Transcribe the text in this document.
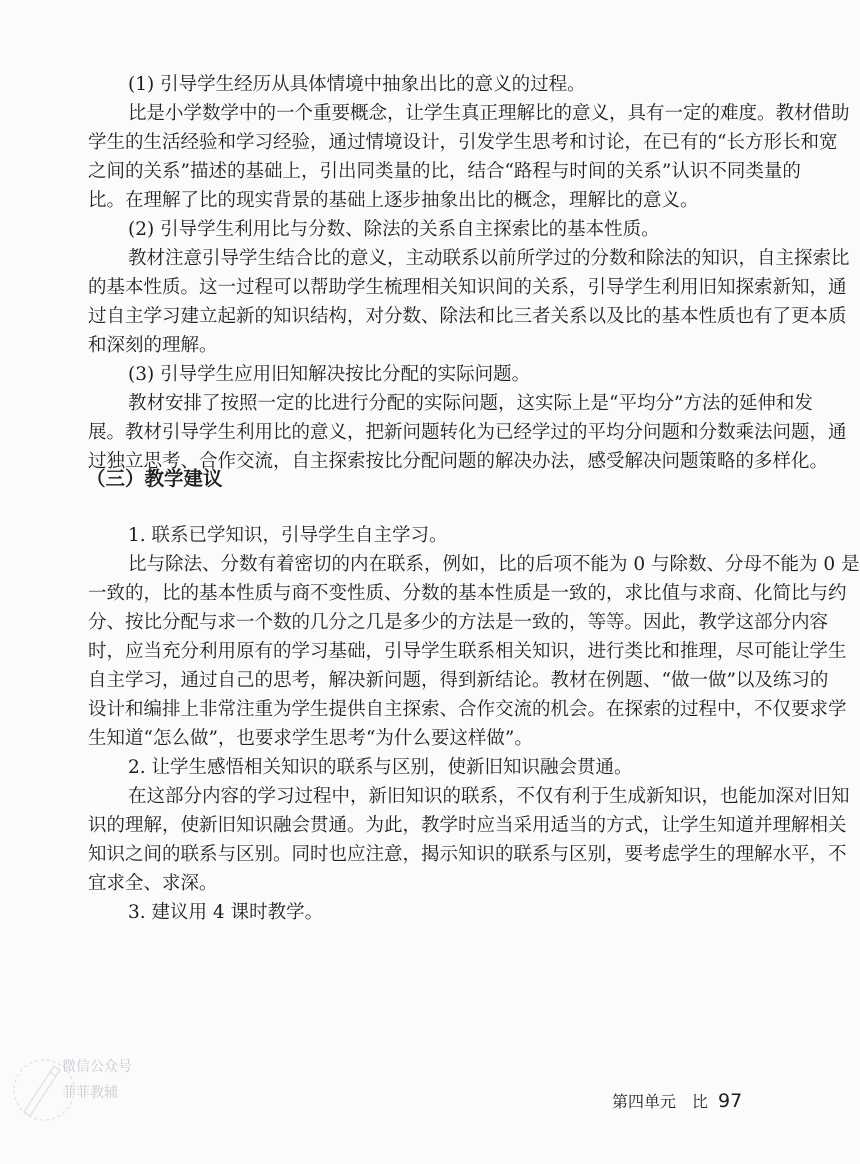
(1) 引导学生经历从具体情境中抽象出比的意义的过程。
比是小学数学中的一个重要概念，让学生真正理解比的意义，具有一定的难度。教材借助
学生的生活经验和学习经验，通过情境设计，引发学生思考和讨论，在已有的“长方形长和宽
之间的关系”描述的基础上，引出同类量的比，结合“路程与时间的关系”认识不同类量的
比。在理解了比的现实背景的基础上逐步抽象出比的概念，理解比的意义。
(2) 引导学生利用比与分数、除法的关系自主探索比的基本性质。
教材注意引导学生结合比的意义，主动联系以前所学过的分数和除法的知识，自主探索比
的基本性质。这一过程可以帮助学生梳理相关知识间的关系，引导学生利用旧知探索新知，通
过自主学习建立起新的知识结构，对分数、除法和比三者关系以及比的基本性质也有了更本质
和深刻的理解。
(3) 引导学生应用旧知解决按比分配的实际问题。
教材安排了按照一定的比进行分配的实际问题，这实际上是“平均分”方法的延伸和发
展。教材引导学生利用比的意义，把新问题转化为已经学过的平均分问题和分数乘法问题，通
过独立思考、合作交流，自主探索按比分配问题的解决办法，感受解决问题策略的多样化。
（三）教学建议
1. 联系已学知识，引导学生自主学习。
比与除法、分数有着密切的内在联系，例如，比的后项不能为 0 与除数、分母不能为 0 是
一致的，比的基本性质与商不变性质、分数的基本性质是一致的，求比值与求商、化简比与约
分、按比分配与求一个数的几分之几是多少的方法是一致的，等等。因此，教学这部分内容
时，应当充分利用原有的学习基础，引导学生联系相关知识，进行类比和推理，尽可能让学生
自主学习，通过自己的思考，解决新问题，得到新结论。教材在例题、“做一做”以及练习的
设计和编排上非常注重为学生提供自主探索、合作交流的机会。在探索的过程中，不仅要求学
生知道“怎么做”，也要求学生思考“为什么要这样做”。
2. 让学生感悟相关知识的联系与区别，使新旧知识融会贯通。
在这部分内容的学习过程中，新旧知识的联系，不仅有利于生成新知识，也能加深对旧知
识的理解，使新旧知识融会贯通。为此，教学时应当采用适当的方式，让学生知道并理解相关
知识之间的联系与区别。同时也应注意，揭示知识的联系与区别，要考虑学生的理解水平，不
宜求全、求深。
3. 建议用 4 课时教学。
微信公众号
菲菲教辅	第四单元　比 97
